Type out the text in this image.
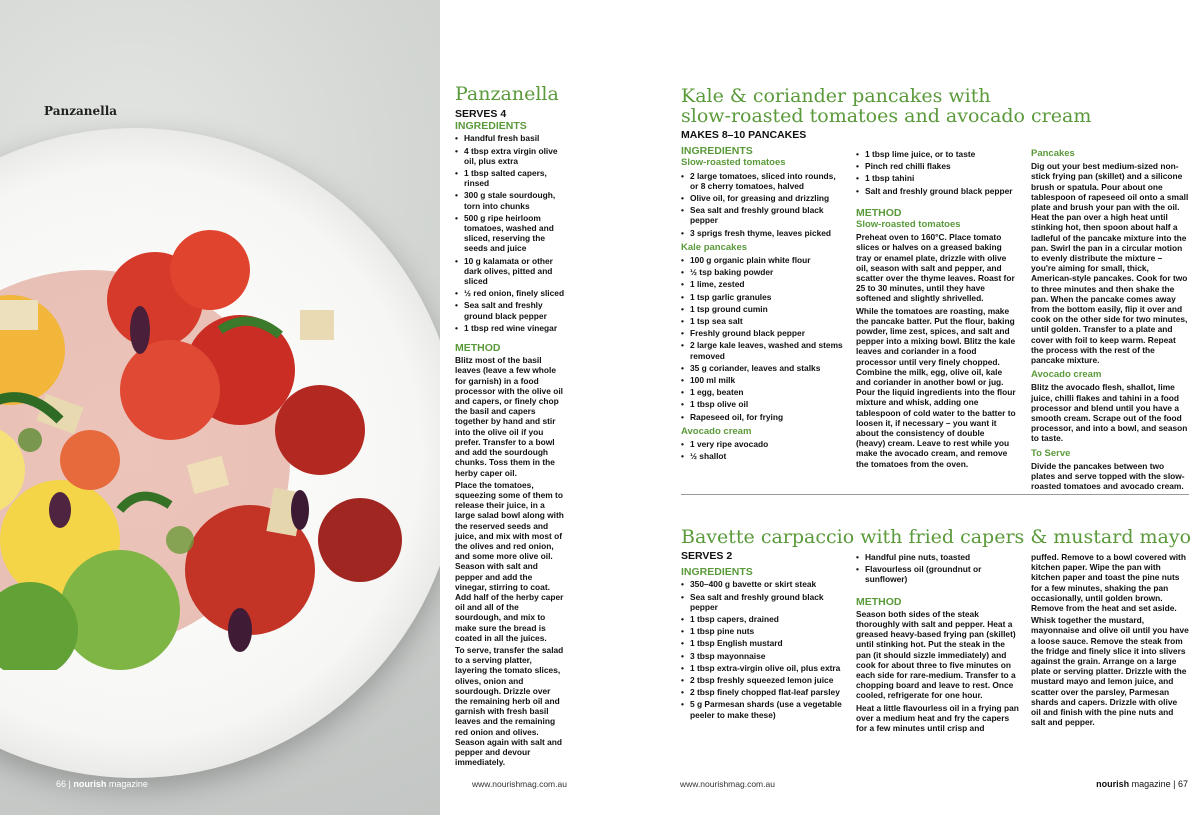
Panzanella
66 | nourish magazine
Panzanella
SERVES 4
INGREDIENTS
• Handful fresh basil
• 4 tbsp extra virgin olive oil, plus extra
• 1 tbsp salted capers, rinsed
• 300 g stale sourdough, torn into chunks
• 500 g ripe heirloom tomatoes, washed and sliced, reserving the seeds and juice
• 10 g kalamata or other dark olives, pitted and sliced
• ½ red onion, finely sliced
• Sea salt and freshly ground black pepper
• 1 tbsp red wine vinegar
METHOD

Blitz most of the basil leaves (leave a few whole for garnish) in a food processor with the olive oil and capers, or finely chop the basil and capers together by hand and stir into the olive oil if you prefer. Transfer to a bowl and add the sourdough chunks. Toss them in the herby caper oil.

Place the tomatoes, squeezing some of them to release their juice, in a large salad bowl along with the reserved seeds and juice, and mix with most of the olives and red onion, and some more olive oil. Season with salt and pepper and add the vinegar, stirring to coat. Add half of the herby caper oil and all of the sourdough, and mix to make sure the bread is coated in all the juices.

To serve, transfer the salad to a serving platter, layering the tomato slices, olives, onion and sourdough. Drizzle over the remaining herb oil and garnish with fresh basil leaves and the remaining red onion and olives. Season again with salt and pepper and devour immediately.

www.nourishmag.com.au
Kale & coriander pancakes with
slow-roasted tomatoes and avocado cream
MAKES 8–10 PANCAKES
INGREDIENTS
Slow-roasted tomatoes
• 2 large tomatoes, sliced into rounds, or 8 cherry tomatoes, halved
• Olive oil, for greasing and drizzling
• Sea salt and freshly ground black pepper
• 3 sprigs fresh thyme, leaves picked
Kale pancakes
• 100 g organic plain white flour
• ½ tsp baking powder
• 1 lime, zested
• 1 tsp garlic granules
• 1 tsp ground cumin
• 1 tsp sea salt
• Freshly ground black pepper
• 2 large kale leaves, washed and stems removed
• 35 g coriander, leaves and stalks
• 100 ml milk
• 1 egg, beaten
• 1 tbsp olive oil
• Rapeseed oil, for frying
Avocado cream
• 1 very ripe avocado
• ½ shallot
• 1 tbsp lime juice, or to taste
• Pinch red chilli flakes
• 1 tbsp tahini
• Salt and freshly ground black pepper
METHOD
Slow-roasted tomatoes

Preheat oven to 160°C. Place tomato slices or halves on a greased baking tray or enamel plate, drizzle with olive oil, season with salt and pepper, and scatter over the thyme leaves. Roast for 25 to 30 minutes, until they have softened and slightly shrivelled.

While the tomatoes are roasting, make the pancake batter. Put the flour, baking powder, lime zest, spices, and salt and pepper into a mixing bowl. Blitz the kale leaves and coriander in a food processor until very finely chopped. Combine the milk, egg, olive oil, kale and coriander in another bowl or jug. Pour the liquid ingredients into the flour mixture and whisk, adding one tablespoon of cold water to the batter to loosen it, if necessary – you want it about the consistency of double (heavy) cream. Leave to rest while you make the avocado cream, and remove the tomatoes from the oven.

Pancakes

Dig out your best medium-sized non-stick frying pan (skillet) and a silicone brush or spatula. Pour about one tablespoon of rapeseed oil onto a small plate and brush your pan with the oil. Heat the pan over a high heat until stinking hot, then spoon about half a ladleful of the pancake mixture into the pan. Swirl the pan in a circular motion to evenly distribute the mixture – you're aiming for small, thick, American-style pancakes. Cook for two to three minutes and then shake the pan. When the pancake comes away from the bottom easily, flip it over and cook on the other side for two minutes, until golden. Transfer to a plate and cover with foil to keep warm. Repeat the process with the rest of the pancake mixture.

Avocado cream

Blitz the avocado flesh, shallot, lime juice, chilli flakes and tahini in a food processor and blend until you have a smooth cream. Scrape out of the food processor, and into a bowl, and season to taste.

To Serve

Divide the pancakes between two plates and serve topped with the slow-roasted tomatoes and avocado cream.

Bavette carpaccio with fried capers & mustard mayo
SERVES 2
INGREDIENTS
• 350–400 g bavette or skirt steak
• Sea salt and freshly ground black pepper
• 1 tbsp capers, drained
• 1 tbsp pine nuts
• 1 tbsp English mustard
• 3 tbsp mayonnaise
• 1 tbsp extra-virgin olive oil, plus extra
• 2 tbsp freshly squeezed lemon juice
• 2 tbsp finely chopped flat-leaf parsley
• 5 g Parmesan shards (use a vegetable peeler to make these)
• Handful pine nuts, toasted
• Flavourless oil (groundnut or sunflower)
METHOD

Season both sides of the steak thoroughly with salt and pepper. Heat a greased heavy-based frying pan (skillet) until stinking hot. Put the steak in the pan (it should sizzle immediately) and cook for about three to five minutes on each side for rare-medium. Transfer to a chopping board and leave to rest. Once cooled, refrigerate for one hour.

Heat a little flavourless oil in a frying pan over a medium heat and fry the capers for a few minutes until crisp and

puffed. Remove to a bowl covered with kitchen paper. Wipe the pan with kitchen paper and toast the pine nuts for a few minutes, shaking the pan occasionally, until golden brown. Remove from the heat and set aside.

Whisk together the mustard, mayonnaise and olive oil until you have a loose sauce. Remove the steak from the fridge and finely slice it into slivers against the grain. Arrange on a large plate or serving platter. Drizzle with the mustard mayo and lemon juice, and scatter over the parsley, Parmesan shards and capers. Drizzle with olive oil and finish with the pine nuts and salt and pepper.

www.nourishmag.com.au	nourish magazine | 67
